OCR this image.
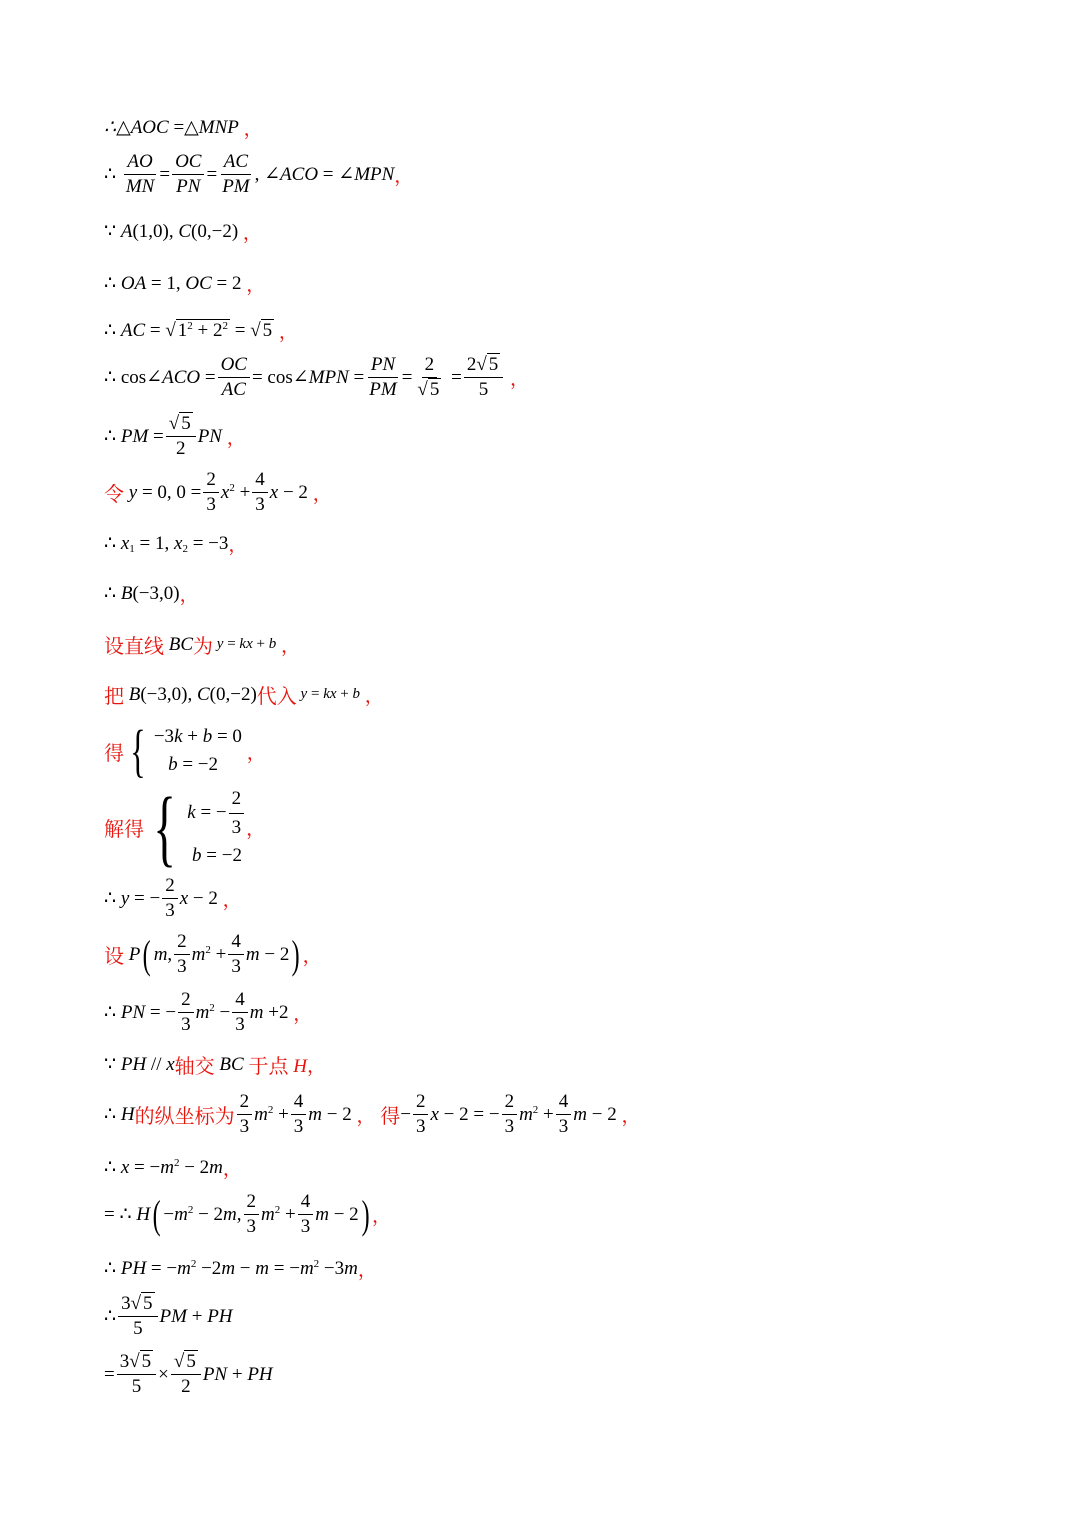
∴△AOC =△MNP ，
∴ $\frac{AO}{MN} = \frac{OC}{PN} = \frac{AC}{PM}$ , ∠ACO = ∠MPN ，
∵ A(1,0), C(0,−2) ，
∴ OA = 1, OC = 2 ，
∴ AC = √ $1^2 + 2^2$ = √ 5 ，
∴ cos∠ACO = $\frac{OC}{AC}$ = cos∠MPN = $\frac{PN}{PM} = \frac{2}{√ 5} = \frac{2√ 5}{5}$ ，
∴ PM = $\frac{√ 5}{2}$ PN ，
令 y = 0, $0 = \frac{2}{3} x^2 + \frac{4}{3}$ x − 2 ，
∴ $x_1 = 1$, $x_2 = -3$ ，
∴ B(−3,0) ，
设直线 BC 为 y = kx + b ，
把 B(−3,0), C(0,−2) 代入 y = kx + b ，
得 { −3k + b = 0
b = −2
，
解得 { k = − $\frac{2}{3}$
b = −2
，
∴ y = − $\frac{2}{3}$ x − 2 ，
设 P ( m, $\frac{2}{3} m^2 + \frac{4}{3}$ m − 2 ) ，
∴ PN = − $\frac{2}{3} m^2 - \frac{4}{3}$ m +2 ，
∵ PH // x 轴交 BC 于点 H，
∴ H 的纵坐标为 $\frac{2}{3} m^2 + \frac{4}{3}$ m − 2 ， 得 − $\frac{2}{3}$ x − 2 = − $\frac{2}{3} m^2 + \frac{4}{3}$ m − 2 ，
∴ $x = -m^2 - 2m$ ，
= ∴ H ( $-m^2 - 2m$, $\frac{2}{3} m^2 + \frac{4}{3}$ m − 2 ) ，
∴ PH = $-m^2 -2m - m = -m^2 -3m$ ，
∴ $\frac{3√ 5}{5}$ PM + PH
= $\frac{3√ 5}{5} \times \frac{√ 5}{2}$ PN + PH
